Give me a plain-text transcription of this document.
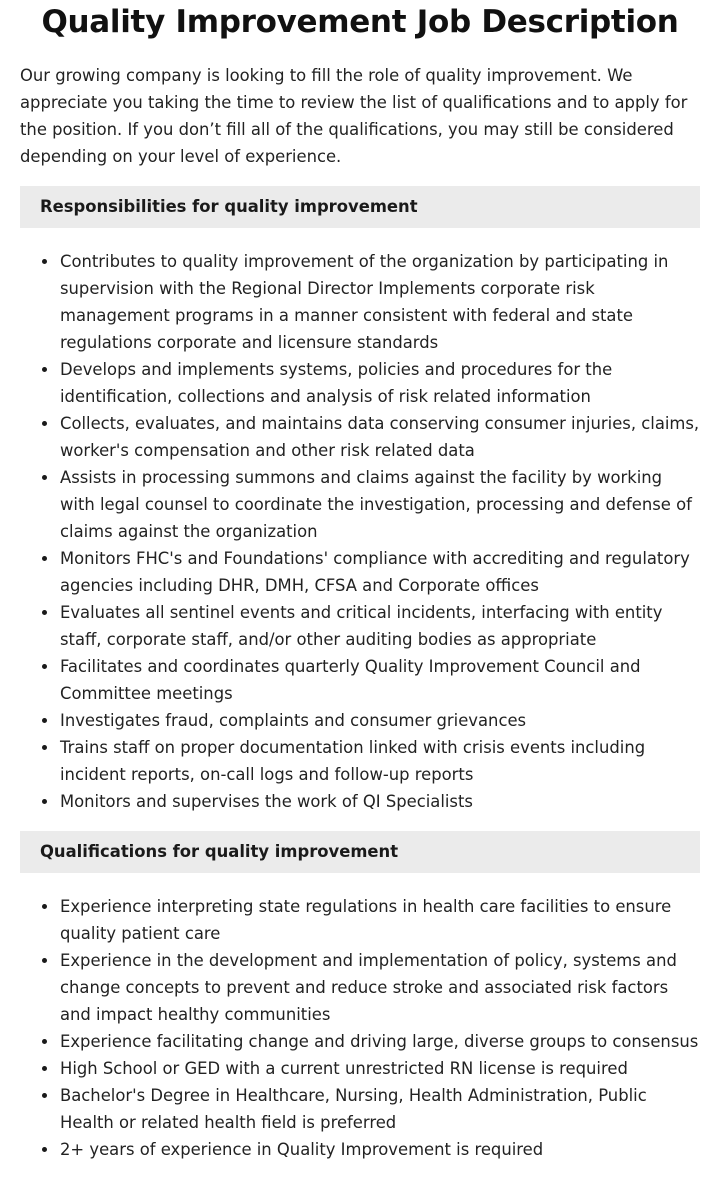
Quality Improvement Job Description

Our growing company is looking to fill the role of quality improvement. We appreciate you taking the time to review the list of qualifications and to apply for the position. If you don’t fill all of the qualifications, you may still be considered depending on your level of experience.

Responsibilities for quality improvement
Contributes to quality improvement of the organization by participating in supervision with the Regional Director Implements corporate risk management programs in a manner consistent with federal and state regulations corporate and licensure standards
Develops and implements systems, policies and procedures for the identification, collections and analysis of risk related information
Collects, evaluates, and maintains data conserving consumer injuries, claims, worker's compensation and other risk related data
Assists in processing summons and claims against the facility by working with legal counsel to coordinate the investigation, processing and defense of claims against the organization
Monitors FHC's and Foundations' compliance with accrediting and regulatory agencies including DHR, DMH, CFSA and Corporate offices
Evaluates all sentinel events and critical incidents, interfacing with entity staff, corporate staff, and/or other auditing bodies as appropriate
Facilitates and coordinates quarterly Quality Improvement Council and Committee meetings
Investigates fraud, complaints and consumer grievances
Trains staff on proper documentation linked with crisis events including incident reports, on-call logs and follow-up reports
Monitors and supervises the work of QI Specialists
Qualifications for quality improvement
Experience interpreting state regulations in health care facilities to ensure quality patient care
Experience in the development and implementation of policy, systems and change concepts to prevent and reduce stroke and associated risk factors and impact healthy communities
Experience facilitating change and driving large, diverse groups to consensus
High School or GED with a current unrestricted RN license is required
Bachelor's Degree in Healthcare, Nursing, Health Administration, Public Health or related health field is preferred
2+ years of experience in Quality Improvement is required
